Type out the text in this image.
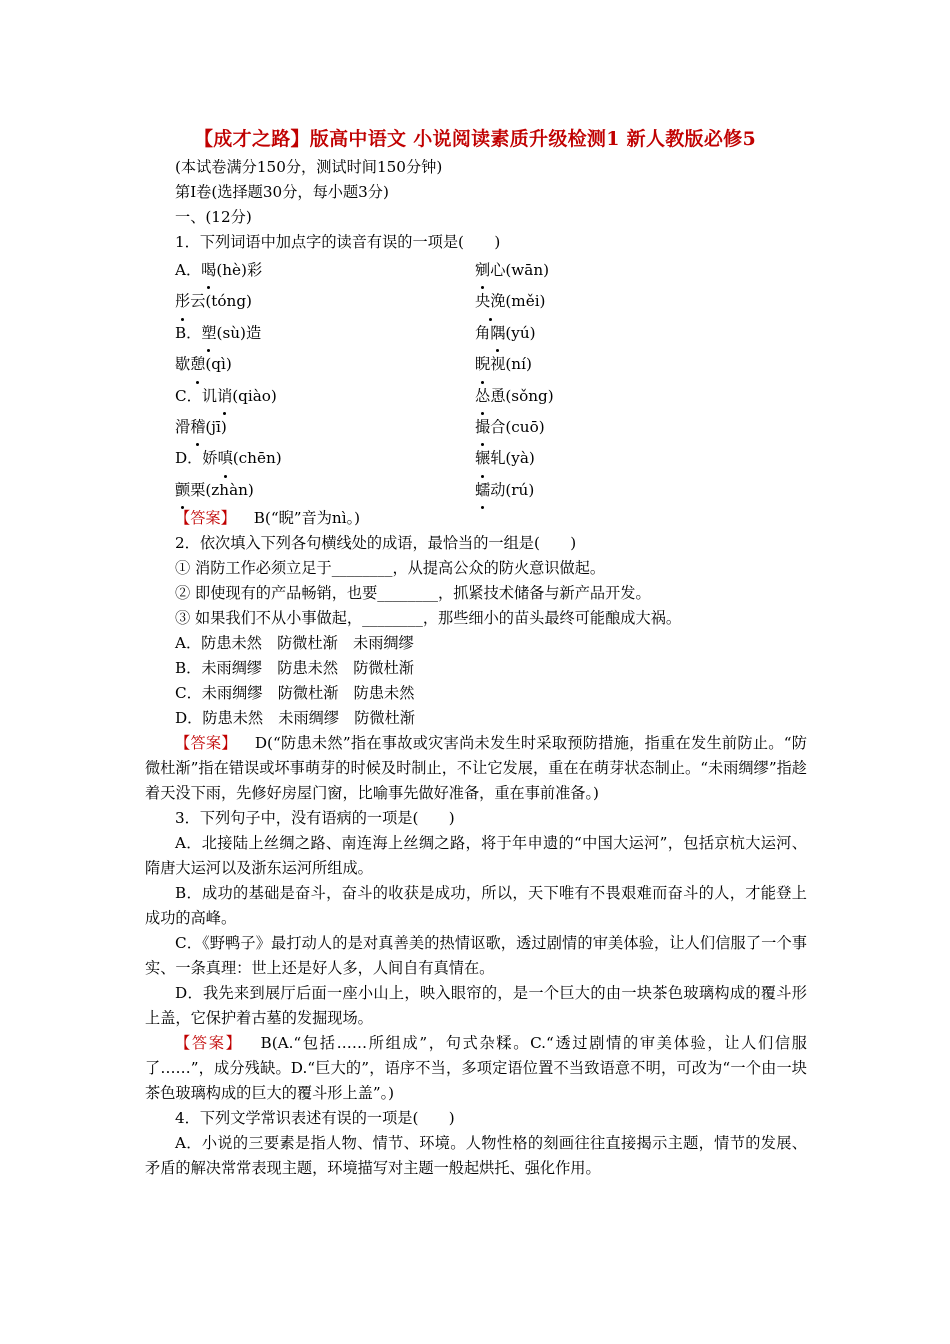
【成才之路】版高中语文 小说阅读素质升级检测1 新人教版必修5
(本试卷满分150分，测试时间150分钟)
第Ⅰ卷(选择题30分，每小题3分)
一、(12分)
1．下列词语中加点字的读音有误的一项是(　　)
A．喝(hè)彩	剜心(wān)
彤云(tóng)	央浼(měi)
B．塑(sù)造	角隅(yú)
歇憩(qì)	睨视(ní)
C．讥诮(qiào)	怂恿(sǒng)
滑稽(jī)	撮合(cuō)
D．娇嗔(chēn)	辗轧(yà)
颤栗(zhàn)	蠕动(rú)
【答案】 B(“睨”音为nì。)
2．依次填入下列各句横线处的成语，最恰当的一组是(　　)
① 消防工作必须立足于________，从提高公众的防火意识做起。
② 即使现有的产品畅销，也要________，抓紧技术储备与新产品开发。
③ 如果我们不从小事做起，________，那些细小的苗头最终可能酿成大祸。
A．防患未然　防微杜渐　未雨绸缪
B．未雨绸缪　防患未然　防微杜渐
C．未雨绸缪　防微杜渐　防患未然
D．防患未然　未雨绸缪　防微杜渐
【答案】 D(“防患未然”指在事故或灾害尚未发生时采取预防措施，指重在发生前防止。“防微杜渐”指在错误或坏事萌芽的时候及时制止，不让它发展，重在在萌芽状态制止。“未雨绸缪”指趁着天没下雨，先修好房屋门窗，比喻事先做好准备，重在事前准备。)
3．下列句子中，没有语病的一项是(　　)
A．北接陆上丝绸之路、南连海上丝绸之路，将于年申遗的“中国大运河”，包括京杭大运河、隋唐大运河以及浙东运河所组成。
B．成功的基础是奋斗，奋斗的收获是成功，所以，天下唯有不畏艰难而奋斗的人，才能登上成功的高峰。
C．《野鸭子》最打动人的是对真善美的热情讴歌，透过剧情的审美体验，让人们信服了一个事实、一条真理：世上还是好人多，人间自有真情在。
D．我先来到展厅后面一座小山上，映入眼帘的，是一个巨大的由一块茶色玻璃构成的覆斗形上盖，它保护着古墓的发掘现场。
【答案】 B(A.“包括……所组成”，句式杂糅。C.“透过剧情的审美体验，让人们信服了……”，成分残缺。D.“巨大的”，语序不当，多项定语位置不当致语意不明，可改为“一个由一块茶色玻璃构成的巨大的覆斗形上盖”。)
4．下列文学常识表述有误的一项是(　　)
A．小说的三要素是指人物、情节、环境。人物性格的刻画往往直接揭示主题，情节的发展、矛盾的解决常常表现主题，环境描写对主题一般起烘托、强化作用。
